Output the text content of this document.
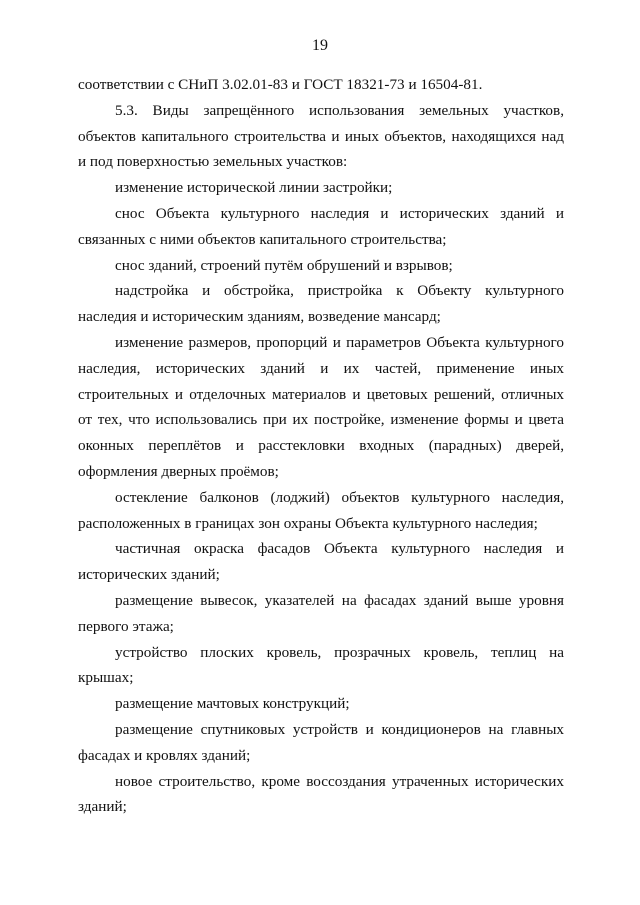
19

соответствии с СНиП 3.02.01-83 и ГОСТ 18321-73 и 16504-81.

5.3. Виды запрещённого использования земельных участков, объектов капитального строительства и иных объектов, находящихся над и под поверхностью земельных участков:

изменение исторической линии застройки;

снос Объекта культурного наследия и исторических зданий и связанных с ними объектов капитального строительства;

снос зданий, строений путём обрушений и взрывов;

надстройка и обстройка, пристройка к Объекту культурного наследия и историческим зданиям, возведение мансард;

изменение размеров, пропорций и параметров Объекта культурного наследия, исторических зданий и их частей, применение иных строительных и отделочных материалов и цветовых решений, отличных от тех, что использовались при их постройке, изменение формы и цвета оконных переплётов и расстекловки входных (парадных) дверей, оформления дверных проёмов;

остекление балконов (лоджий) объектов культурного наследия, расположенных в границах зон охраны Объекта культурного наследия;

частичная окраска фасадов Объекта культурного наследия и исторических зданий;

размещение вывесок, указателей на фасадах зданий выше уровня первого этажа;

устройство плоских кровель, прозрачных кровель, теплиц на крышах;

размещение мачтовых конструкций;

размещение спутниковых устройств и кондиционеров на главных фасадах и кровлях зданий;

новое строительство, кроме воссоздания утраченных исторических зданий;
